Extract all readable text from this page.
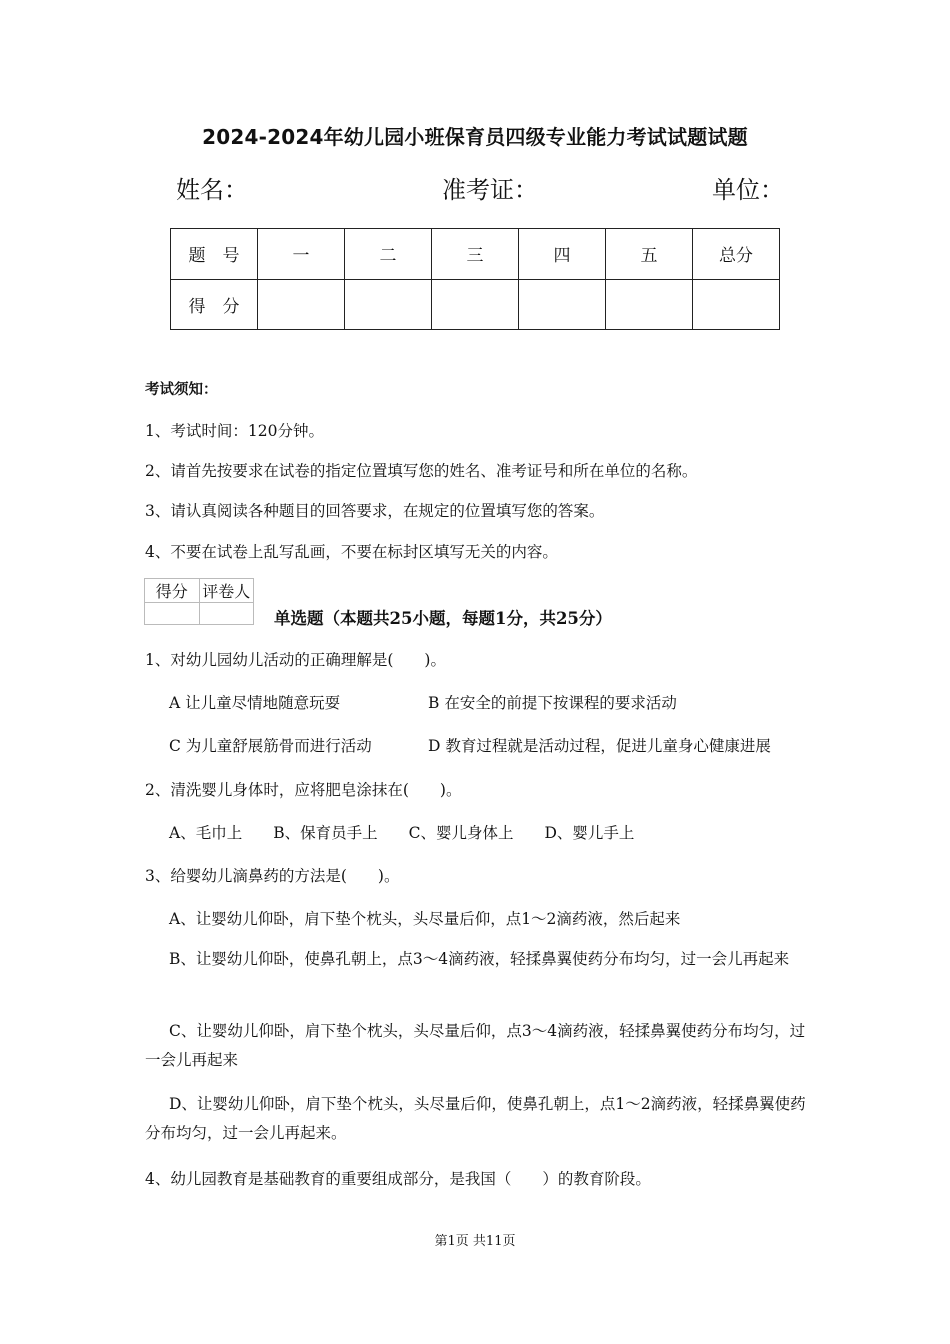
2024-2024年幼儿园小班保育员四级专业能力考试试题试题
姓名：	准考证：	单位：
题　号	一	二	三	四	五	总分
得　分						
考试须知：
1、考试时间：120分钟。
2、请首先按要求在试卷的指定位置填写您的姓名、准考证号和所在单位的名称。
3、请认真阅读各种题目的回答要求，在规定的位置填写您的答案。
4、不要在试卷上乱写乱画，不要在标封区填写无关的内容。
得分	评卷人

单选题（本题共25小题，每题1分，共25分）
1、对幼儿园幼儿活动的正确理解是(　　)。
A 让儿童尽情地随意玩耍	B 在安全的前提下按课程的要求活动
C 为儿童舒展筋骨而进行活动	D 教育过程就是活动过程，促进儿童身心健康进展
2、清洗婴儿身体时，应将肥皂涂抹在(　　)。
A、毛巾上　　B、保育员手上　　C、婴儿身体上　　D、婴儿手上
3、给婴幼儿滴鼻药的方法是(　　)。
A、让婴幼儿仰卧，肩下垫个枕头，头尽量后仰，点1～2滴药液，然后起来
B、让婴幼儿仰卧，使鼻孔朝上，点3～4滴药液，轻揉鼻翼使药分布均匀，过一会儿再起来
C、让婴幼儿仰卧，肩下垫个枕头，头尽量后仰，点3～4滴药液，轻揉鼻翼使药分布均匀，过一会儿再起来
D、让婴幼儿仰卧，肩下垫个枕头，头尽量后仰，使鼻孔朝上，点1～2滴药液，轻揉鼻翼使药分布均匀，过一会儿再起来。
4、幼儿园教育是基础教育的重要组成部分，是我国（　　）的教育阶段。
第1页 共11页
